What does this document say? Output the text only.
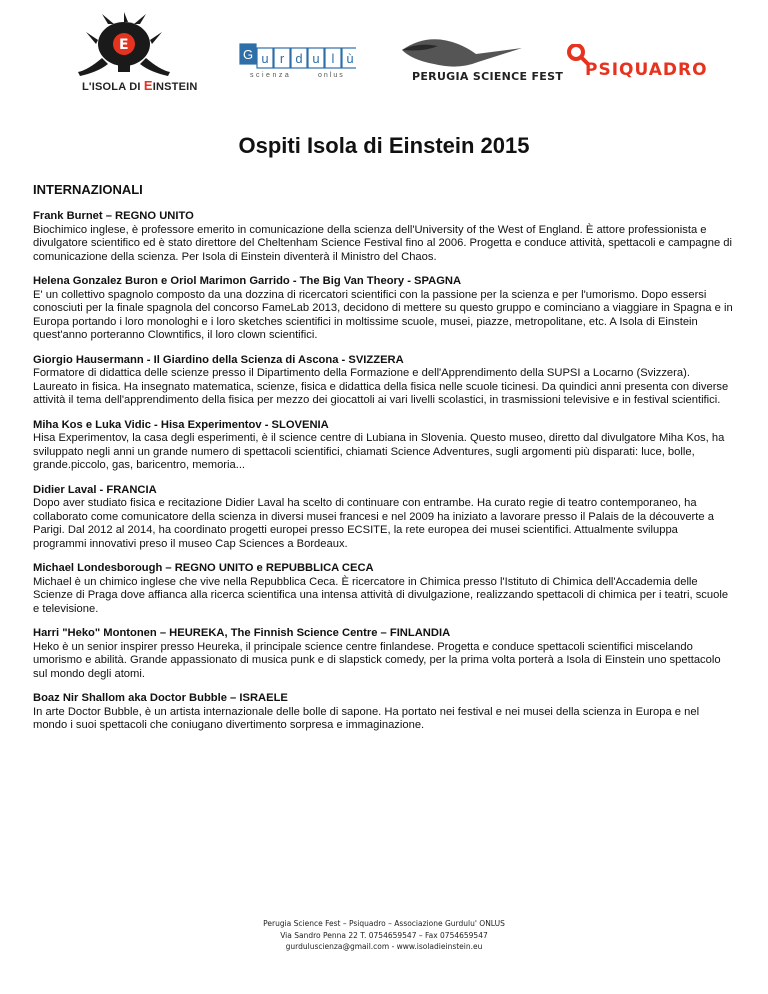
E
L'ISOLA DI EINSTEIN
G u r d u l ù
scienza	onlus	PERUGIA SCIENCE FEST PSIQUADRO
Ospiti Isola di Einstein 2015
INTERNAZIONALI
Frank Burnet – REGNO UNITO
Biochimico inglese, è professore emerito in comunicazione della scienza dell'University of the West of England. È attore professionista e divulgatore scientifico ed è stato direttore del Cheltenham Science Festival fino al 2006. Progetta e conduce attività, spettacoli e campagne di comunicazione della scienza. Per Isola di Einstein diventerà il Ministro del Chaos.
Helena Gonzalez Buron e Oriol Marimon Garrido - The Big Van Theory - SPAGNA
E' un collettivo spagnolo composto da una dozzina di ricercatori scientifici con la passione per la scienza e per l'umorismo. Dopo essersi conosciuti per la finale spagnola del concorso FameLab 2013, decidono di mettere su questo gruppo e cominciano a viaggiare in Spagna e in Europa portando i loro monologhi e i loro sketches scientifici in moltissime scuole, musei, piazze, metropolitane, etc. A Isola di Einstein quest'anno porteranno Clowntifics, il loro clown scientifici.
Giorgio Hausermann - Il Giardino della Scienza di Ascona - SVIZZERA
Formatore di didattica delle scienze presso il Dipartimento della Formazione e dell'Apprendimento della SUPSI a Locarno (Svizzera). Laureato in fisica. Ha insegnato matematica, scienze, fisica e didattica della fisica nelle scuole ticinesi. Da quindici anni presenta con diverse attività il tema dell'apprendimento della fisica per mezzo dei giocattoli ai vari livelli scolastici, in trasmissioni televisive e in festival scientifici.
Miha Kos e Luka Vidic - Hisa Experimentov - SLOVENIA
Hisa Experimentov, la casa degli esperimenti, è il science centre di Lubiana in Slovenia. Questo museo, diretto dal divulgatore Miha Kos, ha sviluppato negli anni un grande numero di spettacoli scientifici, chiamati Science Adventures, sugli argomenti più disparati: luce, bolle, grande.piccolo, gas, baricentro, memoria...
Didier Laval - FRANCIA
Dopo aver studiato fisica e recitazione Didier Laval ha scelto di continuare con entrambe. Ha curato regie di teatro contemporaneo, ha collaborato come comunicatore della scienza in diversi musei francesi e nel 2009 ha iniziato a lavorare presso il Palais de la découverte a Parigi. Dal 2012 al 2014, ha coordinato progetti europei presso ECSITE, la rete europea dei musei scientifici. Attualmente sviluppa programmi innovativi preso il museo Cap Sciences a Bordeaux.
Michael Londesborough – REGNO UNITO e REPUBBLICA CECA
Michael è un chimico inglese che vive nella Repubblica Ceca. È ricercatore in Chimica presso l'Istituto di Chimica dell'Accademia delle Scienze di Praga dove affianca alla ricerca scientifica una intensa attività di divulgazione, realizzando spettacoli di chimica per i teatri, scuole e televisione.
Harri "Heko" Montonen – HEUREKA, The Finnish Science Centre – FINLANDIA
Heko è un senior inspirer presso Heureka, il principale science centre finlandese. Progetta e conduce spettacoli scientifici miscelando umorismo e abilità. Grande appassionato di musica punk e di slapstick comedy, per la prima volta porterà a Isola di Einstein uno spettacolo sul mondo degli atomi.
Boaz Nir Shallom aka Doctor Bubble – ISRAELE
In arte Doctor Bubble, è un artista internazionale delle bolle di sapone. Ha portato nei festival e nei musei della scienza in Europa e nel mondo i suoi spettacoli che coniugano divertimento sorpresa e immaginazione.
Perugia Science Fest – Psiquadro – Associazione Gurdulu' ONLUS
Via Sandro Penna 22 T. 0754659547 – Fax 0754659547
gurduluscienza@gmail.com - www.isoladieinstein.eu
